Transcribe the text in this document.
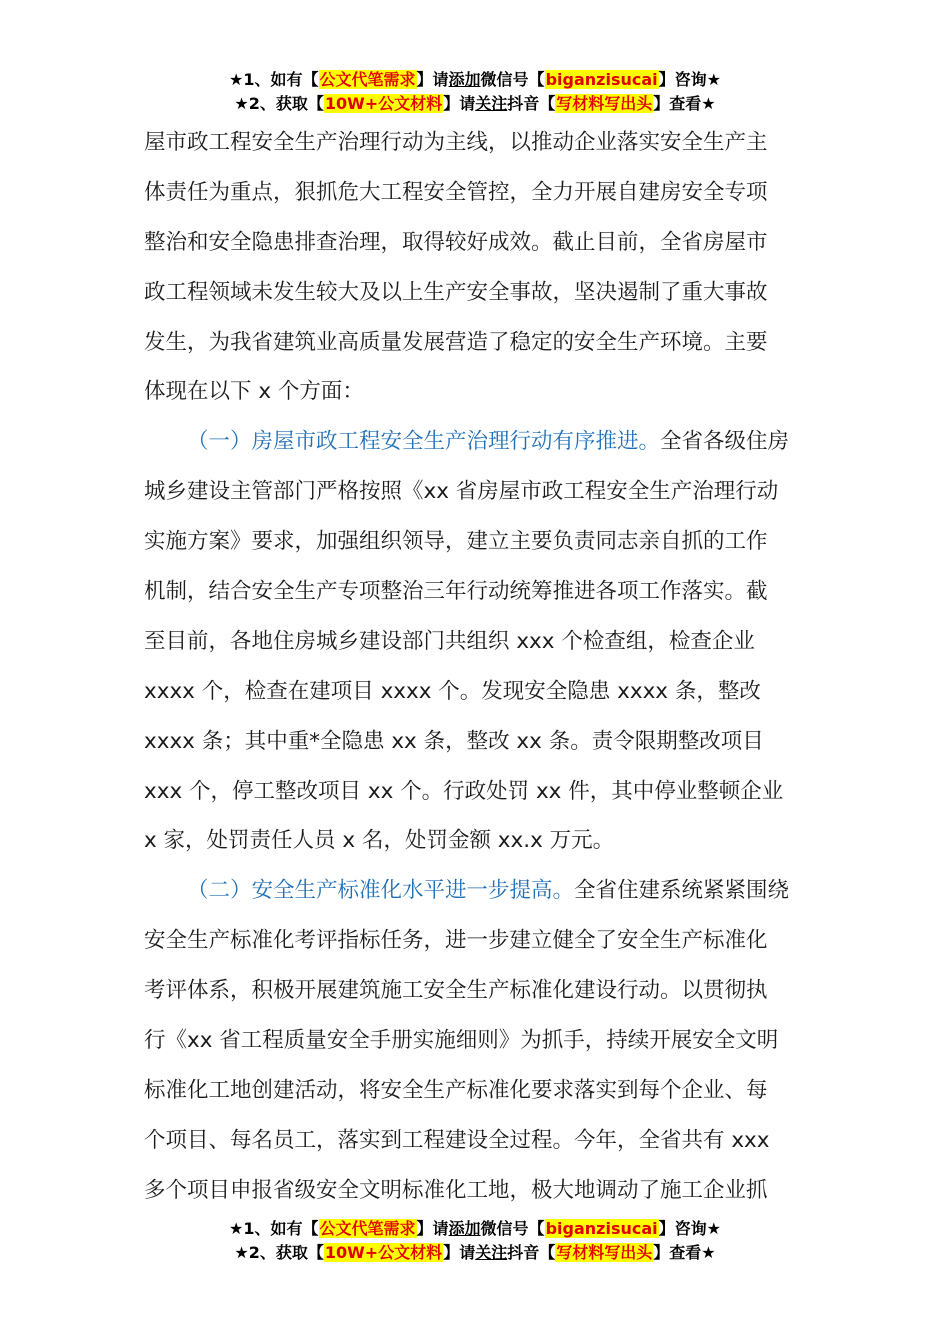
★1、如有【公文代笔需求】请添加微信号【biganzisucai】咨询★
★2、获取【10W+公文材料】请关注抖音【写材料写出头】查看★
屋市政工程安全生产治理行动为主线，以推动企业落实安全生产主
体责任为重点，狠抓危大工程安全管控，全力开展自建房安全专项
整治和安全隐患排查治理，取得较好成效。截止目前，全省房屋市
政工程领域未发生较大及以上生产安全事故，坚决遏制了重大事故
发生，为我省建筑业高质量发展营造了稳定的安全生产环境。主要
体现在以下 x 个方面：
（一）房屋市政工程安全生产治理行动有序推进。全省各级住房
城乡建设主管部门严格按照《xx 省房屋市政工程安全生产治理行动
实施方案》要求，加强组织领导，建立主要负责同志亲自抓的工作
机制，结合安全生产专项整治三年行动统筹推进各项工作落实。截
至目前，各地住房城乡建设部门共组织 xxx 个检查组，检查企业
xxxx 个，检查在建项目 xxxx 个。发现安全隐患 xxxx 条，整改
xxxx 条；其中重*全隐患 xx 条，整改 xx 条。责令限期整改项目
xxx 个，停工整改项目 xx 个。行政处罚 xx 件，其中停业整顿企业
x 家，处罚责任人员 x 名，处罚金额 xx.x 万元。
（二）安全生产标准化水平进一步提高。全省住建系统紧紧围绕
安全生产标准化考评指标任务，进一步建立健全了安全生产标准化
考评体系，积极开展建筑施工安全生产标准化建设行动。以贯彻执
行《xx 省工程质量安全手册实施细则》为抓手，持续开展安全文明
标准化工地创建活动，将安全生产标准化要求落实到每个企业、每
个项目、每名员工，落实到工程建设全过程。今年，全省共有 xxx
多个项目申报省级安全文明标准化工地，极大地调动了施工企业抓
★1、如有【公文代笔需求】请添加微信号【biganzisucai】咨询★
★2、获取【10W+公文材料】请关注抖音【写材料写出头】查看★
